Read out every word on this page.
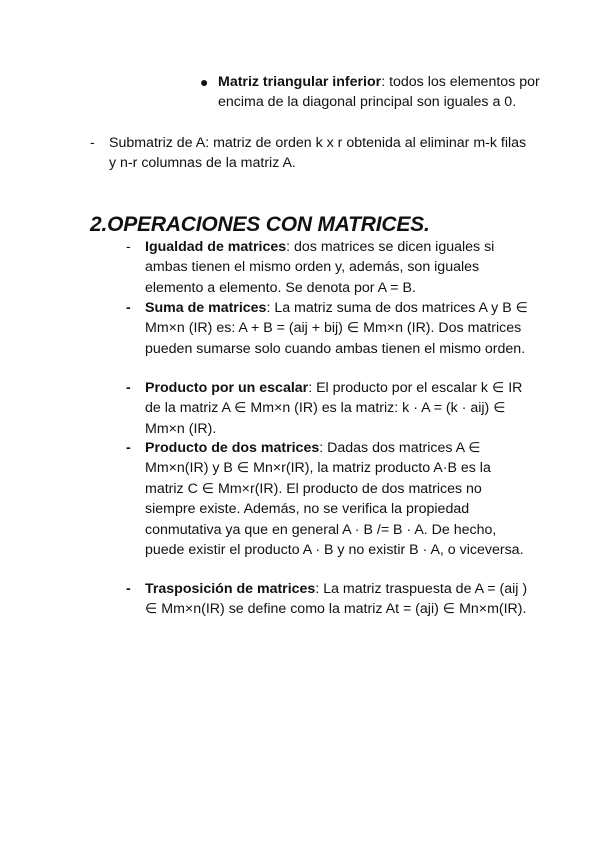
● Matriz triangular inferior: todos los elementos por encima de la diagonal principal son iguales a 0.
- Submatriz de A: matriz de orden k x r obtenida al eliminar m-k filas y n-r columnas de la matriz A.
2.OPERACIONES CON MATRICES.
- Igualdad de matrices: dos matrices se dicen iguales si ambas tienen el mismo orden y, además, son iguales elemento a elemento. Se denota por A = B.
- Suma de matrices: La matriz suma de dos matrices A y B ∈ Mm×n (IR) es: A + B = (aij + bij) ∈ Mm×n (IR). Dos matrices pueden sumarse solo cuando ambas tienen el mismo orden.
- Producto por un escalar: El producto por el escalar k ∈ IR de la matriz A ∈ Mm×n (IR) es la matriz: k · A = (k · aij) ∈ Mm×n (IR).
- Producto de dos matrices: Dadas dos matrices A ∈ Mm×n(IR) y B ∈ Mn×r(IR), la matriz producto A·B es la matriz C ∈ Mm×r(IR). El producto de dos matrices no siempre existe. Además, no se verifica la propiedad conmutativa ya que en general A · B /= B · A. De hecho, puede existir el producto A · B y no existir B · A, o viceversa.
- Trasposición de matrices: La matriz traspuesta de A = (aij ) ∈ Mm×n(IR) se define como la matriz At = (aji) ∈ Mn×m(IR).
